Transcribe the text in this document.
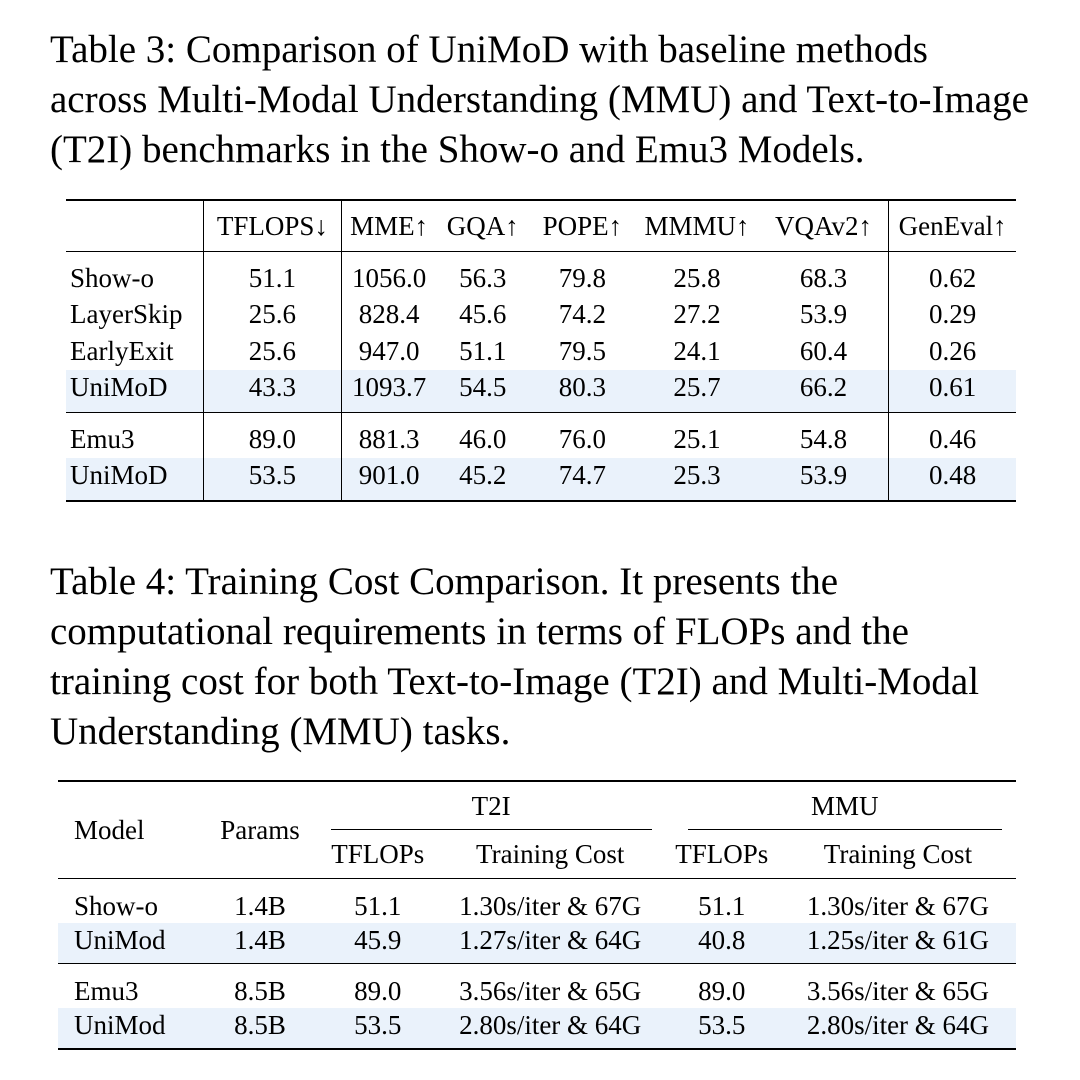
Table 3: Comparison of UniMoD with baseline methods across Multi-Modal Understanding (MMU) and Text-to-Image (T2I) benchmarks in the Show-o and Emu3 Models.

	TFLOPS↓	MME↑	GQA↑	POPE↑	MMMU↑	VQAv2↑	GenEval↑
Show-o	51.1	1056.0	56.3	79.8	25.8	68.3	0.62
LayerSkip	25.6	828.4	45.6	74.2	27.2	53.9	0.29
EarlyExit	25.6	947.0	51.1	79.5	24.1	60.4	0.26
UniMoD	43.3	1093.7	54.5	80.3	25.7	66.2	0.61
Emu3	89.0	881.3	46.0	76.0	25.1	54.8	0.46
UniMoD	53.5	901.0	45.2	74.7	25.3	53.9	0.48

Table 4: Training Cost Comparison. It presents the computational requirements in terms of FLOPs and the training cost for both Text-to-Image (T2I) and Multi-Modal Understanding (MMU) tasks.

Model	Params	T2I		MMU	

		TFLOPs	Training Cost	TFLOPs	Training Cost
Show-o	1.4B	51.1	1.30s/iter & 67G	51.1	1.30s/iter & 67G
UniMod	1.4B	45.9	1.27s/iter & 64G	40.8	1.25s/iter & 61G
Emu3	8.5B	89.0	3.56s/iter & 65G	89.0	3.56s/iter & 65G
UniMod	8.5B	53.5	2.80s/iter & 64G	53.5	2.80s/iter & 64G
